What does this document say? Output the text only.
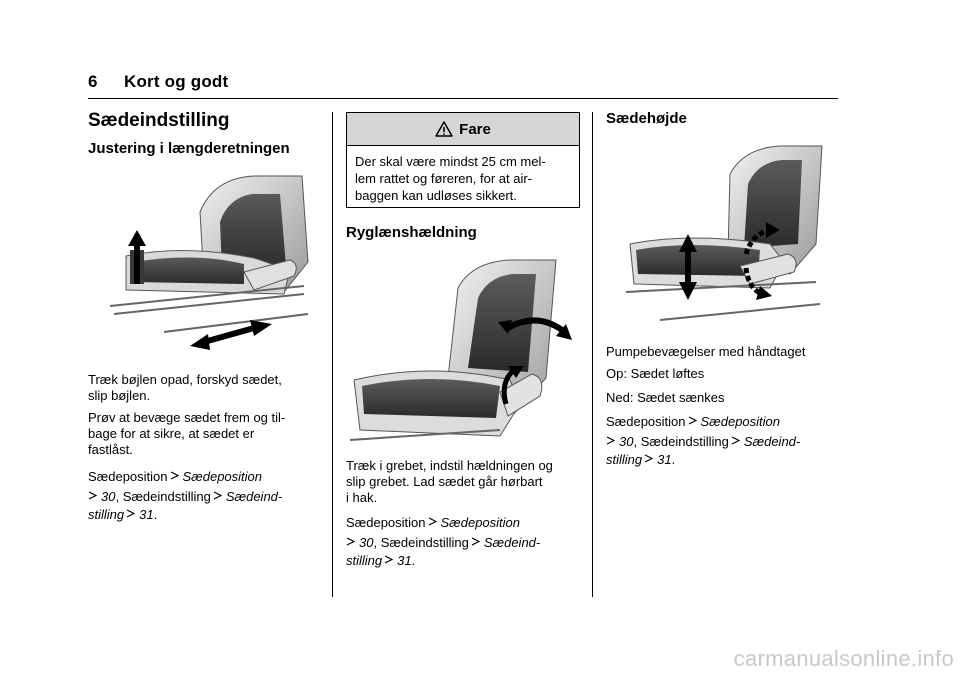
6 Kort og godt
Sædeindstilling
Justering i længderetningen
Træk bøjlen opad, forskyd sædet,
slip bøjlen.
Prøv at bevæge sædet frem og til-
bage for at sikre, at sædet er
fastlåst.
Sædeposition Sædeposition
30, Sædeindstilling Sædeind-
stilling 31.
Fare
Der skal være mindst 25 cm mel-
lem rattet og føreren, for at air-
baggen kan udløses sikkert.
Ryglænshældning
Træk i grebet, indstil hældningen og
slip grebet. Lad sædet går hørbart
i hak.
Sædeposition Sædeposition
30, Sædeindstilling Sædeind-
stilling 31.
Sædehøjde
Pumpebevægelser med håndtaget
Op: Sædet løftes
Ned: Sædet sænkes
Sædeposition Sædeposition
30, Sædeindstilling Sædeind-
stilling 31.
carmanualsonline.info
